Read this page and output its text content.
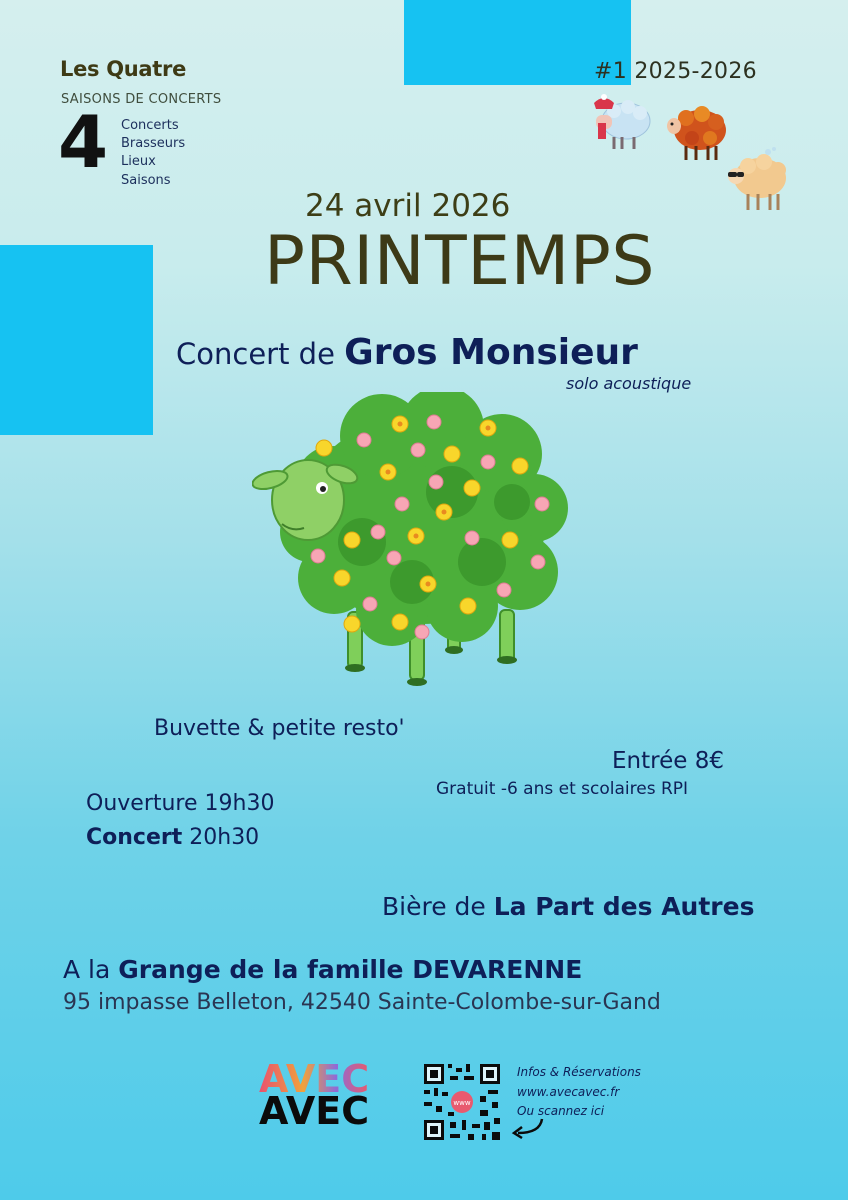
Les Quatre
SAISONS DE CONCERTS
4 Concerts
Brasseurs
Lieux
Saisons
#1 2025-2026
24 avril 2026
PRINTEMPS
Concert de Gros Monsieur
solo acoustique
Buvette & petite resto'
Entrée 8€
Gratuit -6 ans et scolaires RPI
Ouverture 19h30
Concert 20h30
Bière de La Part des Autres
A la Grange de la famille DEVARENNE
95 impasse Belleton, 42540 Sainte-Colombe-sur-Gand
AVEC
AVEC	www
Infos & Réservations
www.avecavec.fr
Ou scannez ici
